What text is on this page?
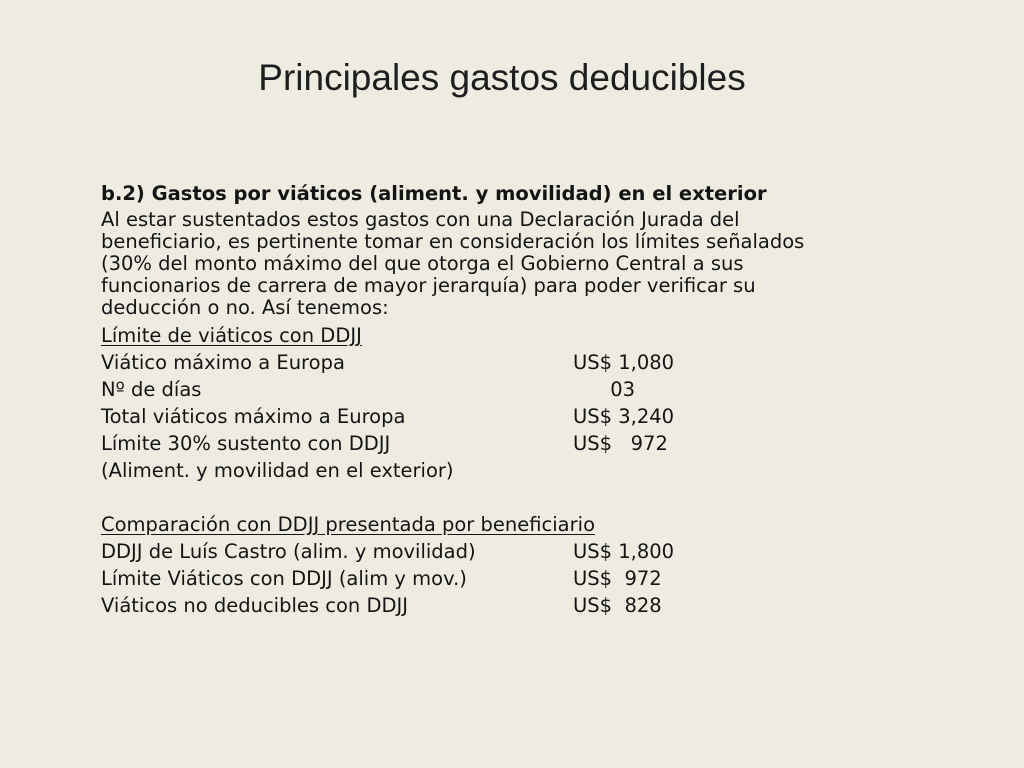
Principales gastos deducibles
b.2) Gastos por viáticos (aliment. y movilidad) en el exterior
Al estar sustentados estos gastos con una Declaración Jurada del
beneficiario, es pertinente tomar en consideración los límites señalados
(30% del monto máximo del que otorga el Gobierno Central a sus
funcionarios de carrera de mayor jerarquía) para poder verificar su
deducción o no. Así tenemos:
Límite de viáticos con DDJJ
Viático máximo a Europa	US$ 1,080
Nº de días	03
Total viáticos máximo a Europa	US$ 3,240
Límite 30% sustento con DDJJ	US$   972
(Aliment. y movilidad en el exterior)
Comparación con DDJJ presentada por beneficiario
DDJJ de Luís Castro (alim. y movilidad)	US$ 1,800
Límite Viáticos con DDJJ (alim y mov.)	US$  972
Viáticos no deducibles con DDJJ	US$  828
